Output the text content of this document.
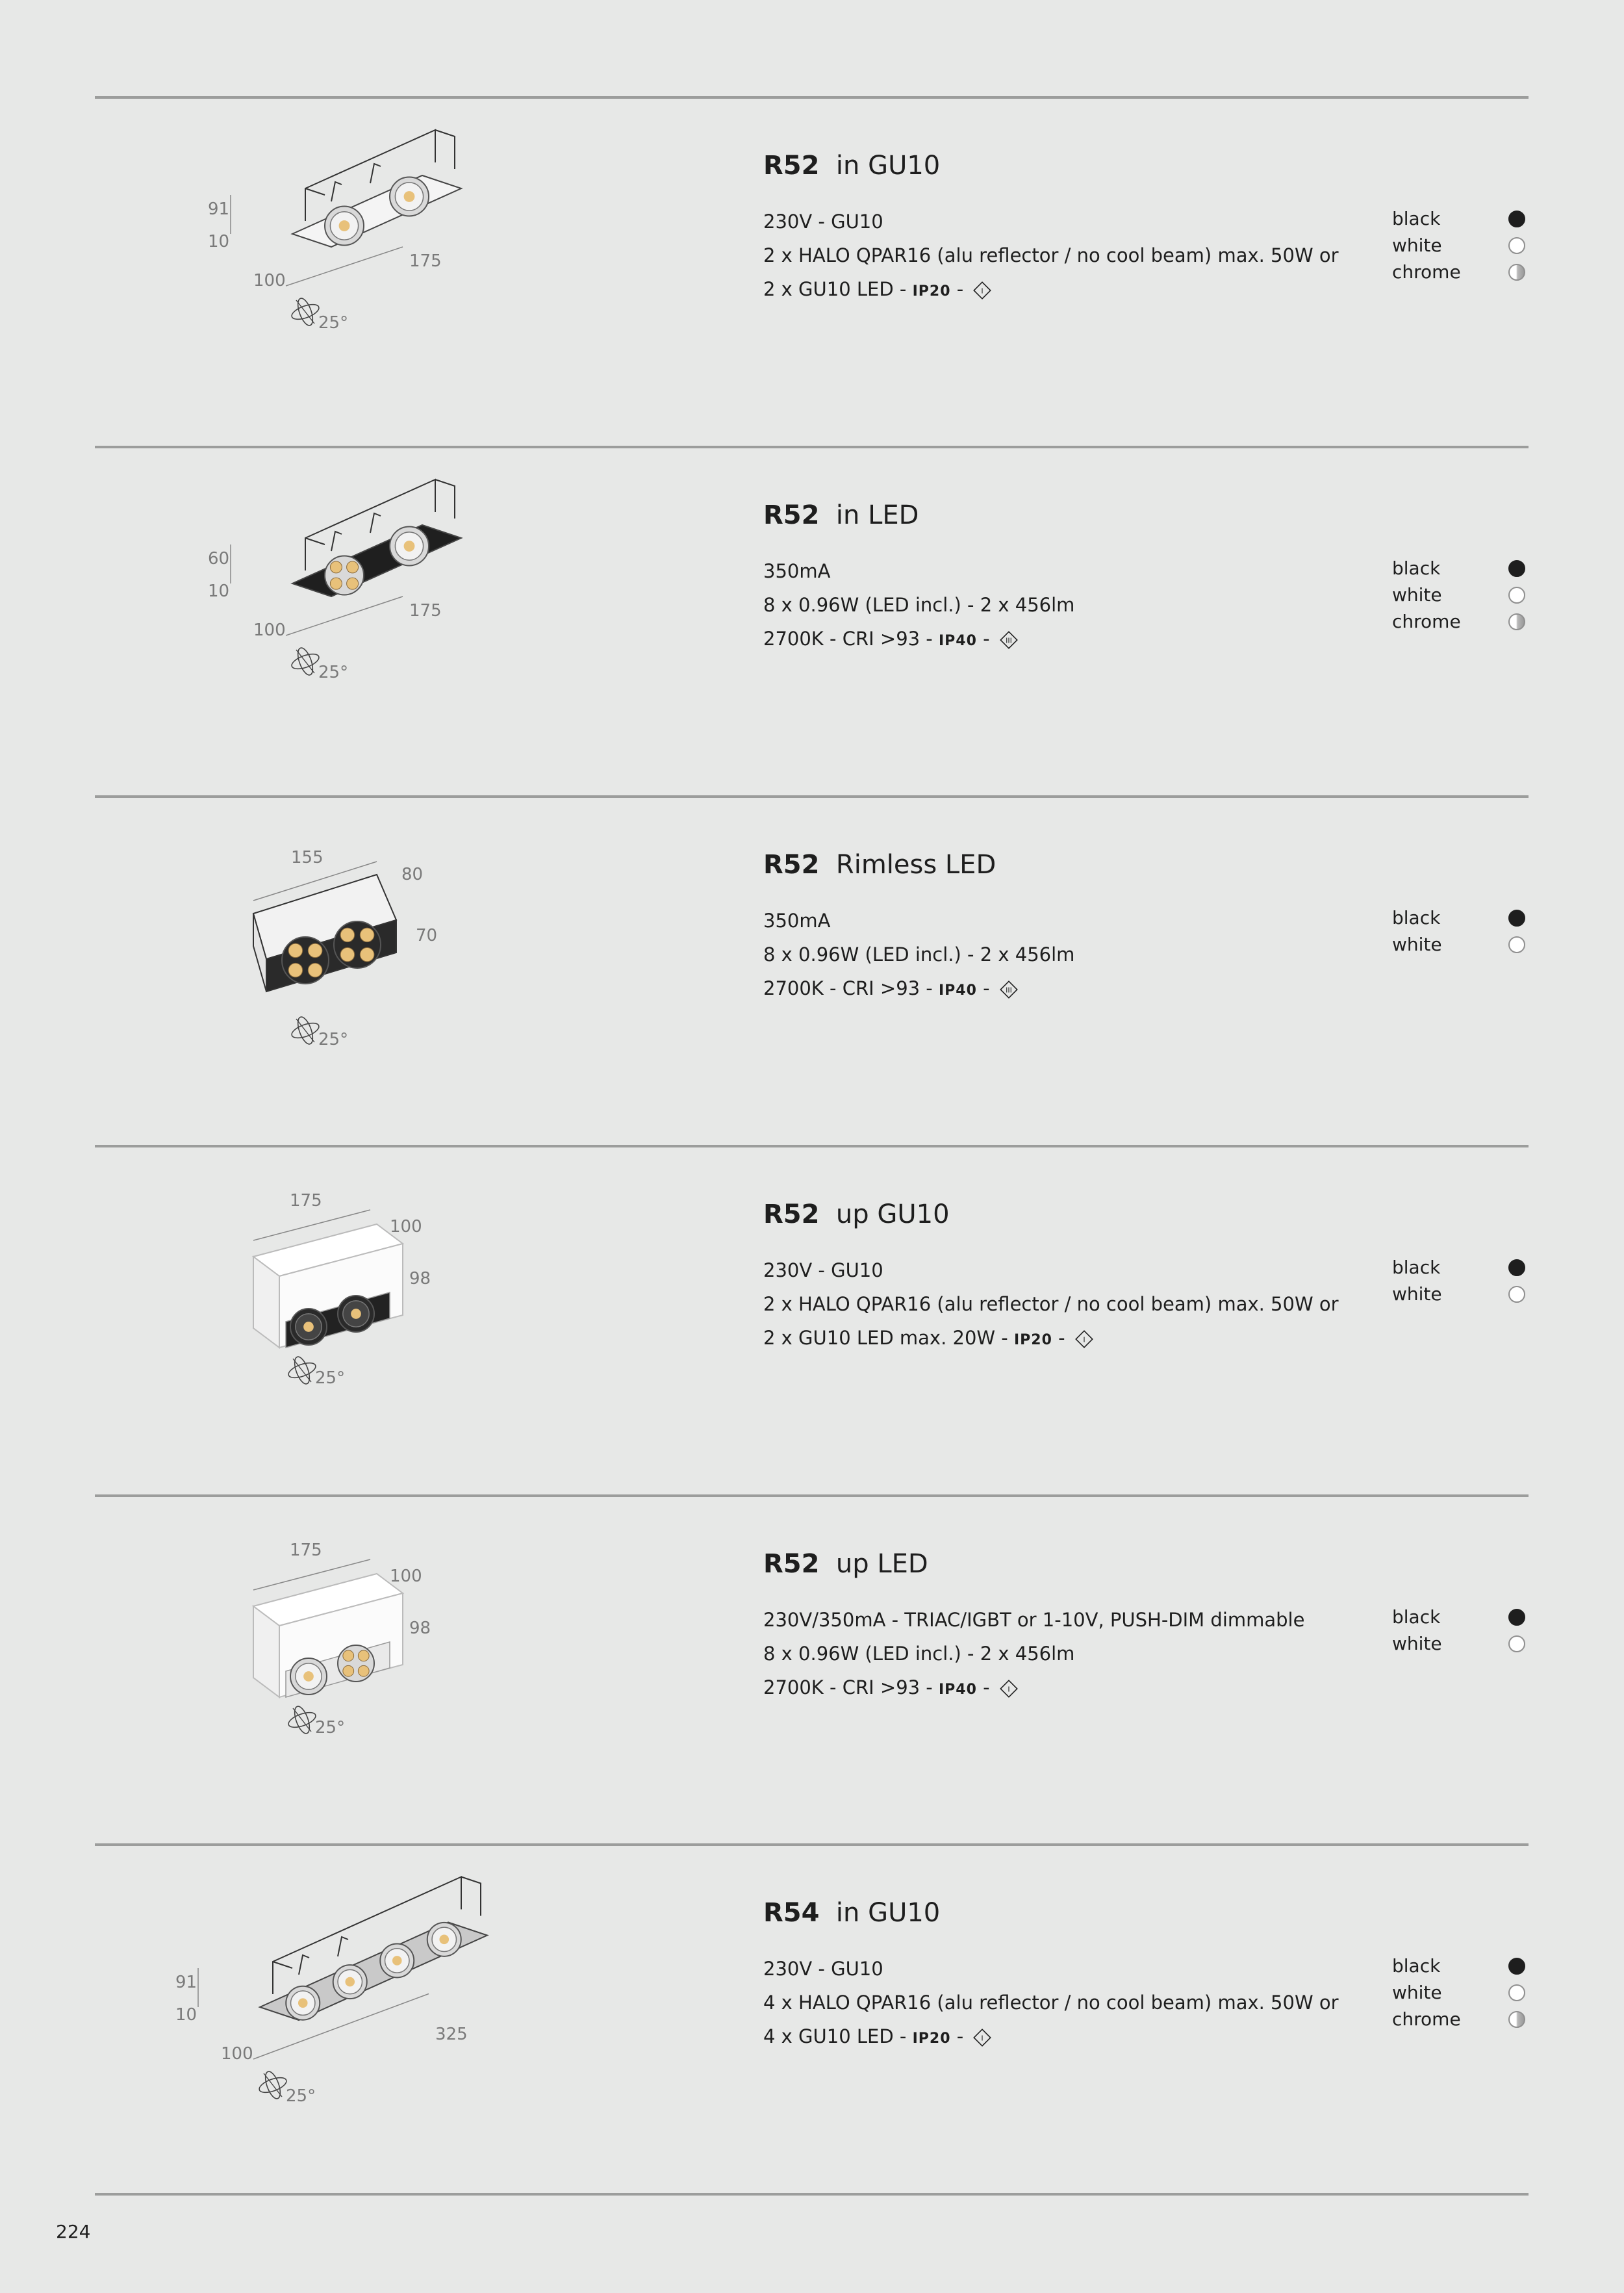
91
10
100
175
25°
R52 in GU10
230V - GU10
2 x HALO QPAR16 (alu reflector / no cool beam) max. 50W or
2 x GU10 LED - IP20 - I
black
white
chrome
60
10
100
175
25°
R52 in LED
350mA
8 x 0.96W (LED incl.) - 2 x 456lm
2700K - CRI >93 - IP40 - III
black
white
chrome
155
80
70
25°
R52 Rimless LED
350mA
8 x 0.96W (LED incl.) - 2 x 456lm
2700K - CRI >93 - IP40 - III
black
white
175
100
98
25°
R52 up GU10
230V - GU10
2 x HALO QPAR16 (alu reflector / no cool beam) max. 50W or
2 x GU10 LED max. 20W - IP20 - I
black
white
175
100
98
25°
R52 up LED
230V/350mA - TRIAC/IGBT or 1-10V, PUSH-DIM dimmable
8 x 0.96W (LED incl.) - 2 x 456lm
2700K - CRI >93 - IP40 - I
black
white
91
10
100
325
25°
R54 in GU10
230V - GU10
4 x HALO QPAR16 (alu reflector / no cool beam) max. 50W or
4 x GU10 LED - IP20 - I
black
white
chrome
224
